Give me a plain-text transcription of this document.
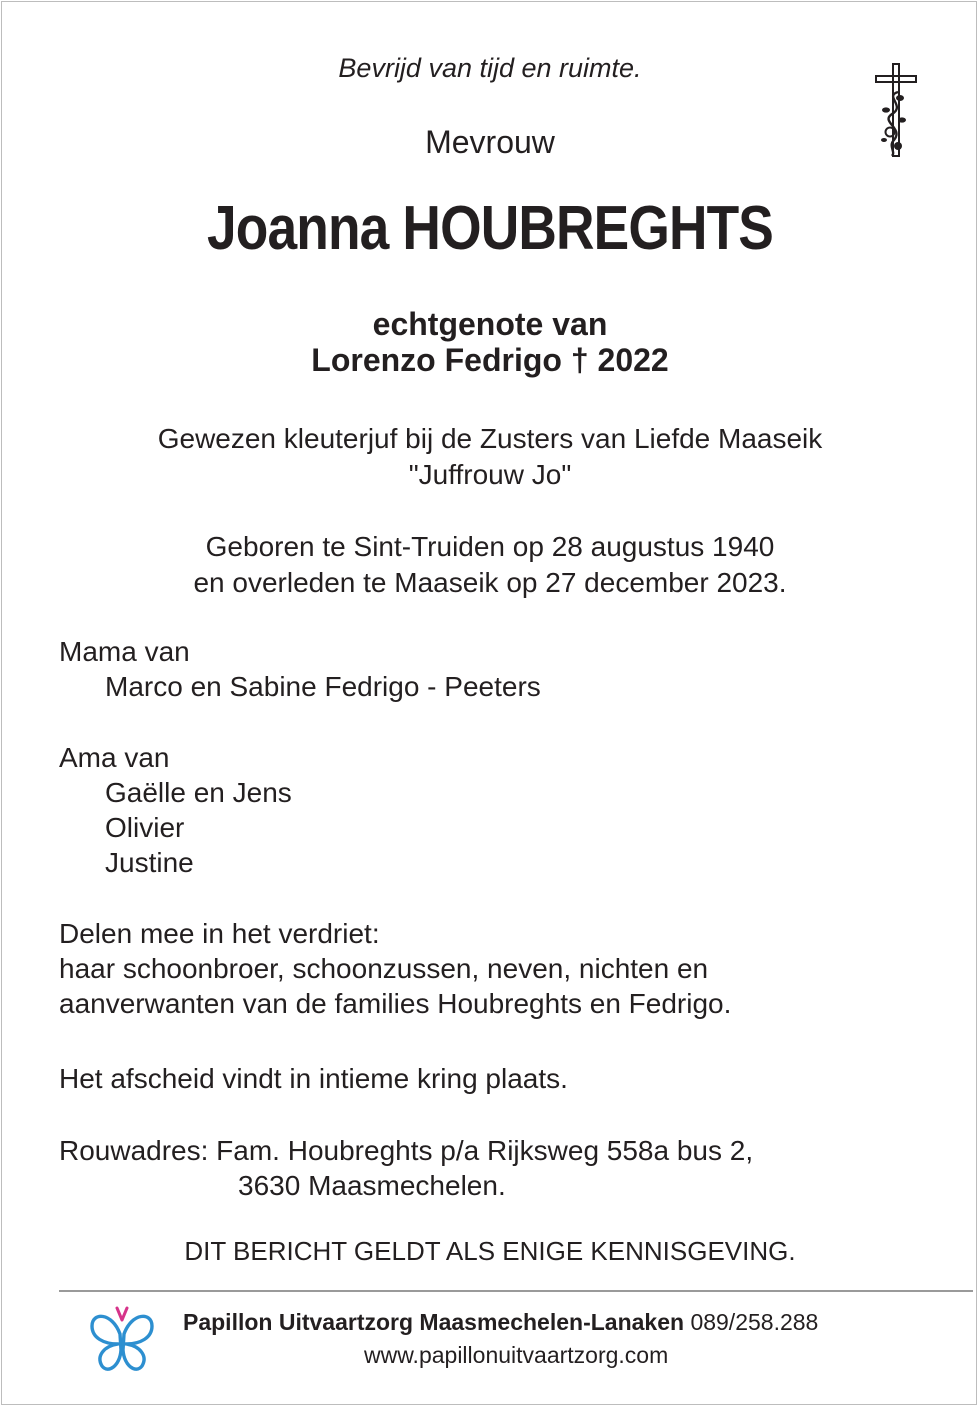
Bevrijd van tijd en ruimte.
Mevrouw
Joanna HOUBREGHTS
echtgenote van
Lorenzo Fedrigo † 2022
Gewezen kleuterjuf bij de Zusters van Liefde Maaseik
"Juffrouw Jo"
Geboren te Sint-Truiden op 28 augustus 1940
en overleden te Maaseik op 27 december 2023.
Mama van
Marco en Sabine Fedrigo - Peeters
Ama van
Gaëlle en Jens
Olivier
Justine
Delen mee in het verdriet:
haar schoonbroer, schoonzussen, neven, nichten en
aanverwanten van de families Houbreghts en Fedrigo.
Het afscheid vindt in intieme kring plaats.
Rouwadres: Fam. Houbreghts p/a Rijksweg 558a bus 2,
3630 Maasmechelen.
DIT BERICHT GELDT ALS ENIGE KENNISGEVING.
Papillon Uitvaartzorg Maasmechelen-Lanaken 089/258.288
www.papillonuitvaartzorg.com
